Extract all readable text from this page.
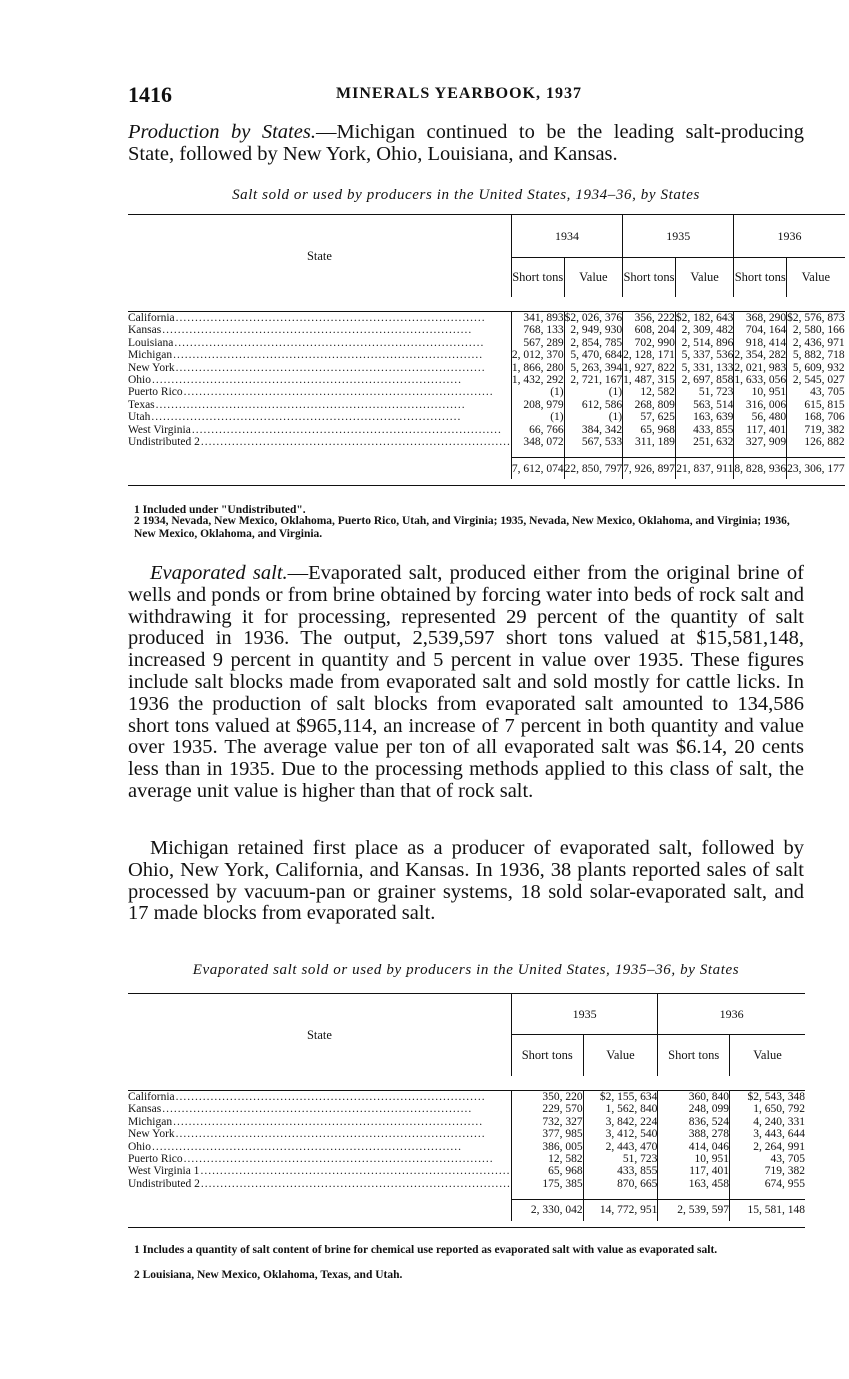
1416	MINERALS YEARBOOK, 1937
Production by States.—Michigan continued to be the leading salt-producing State, followed by New York, Ohio, Louisiana, and Kansas.
Salt sold or used by producers in the United States, 1934–36, by States

State	1934		1935		1936	
	Short tons	Value	Short tons	Value	Short tons	Value

California................................................................................	341, 893	$2, 026, 376	356, 222	$2, 182, 643	368, 290	$2, 576, 873
Kansas................................................................................	768, 133	2, 949, 930	608, 204	2, 309, 482	704, 164	2, 580, 166
Louisiana................................................................................	567, 289	2, 854, 785	702, 990	2, 514, 896	918, 414	2, 436, 971
Michigan................................................................................	2, 012, 370	5, 470, 684	2, 128, 171	5, 337, 536	2, 354, 282	5, 882, 718
New York................................................................................	1, 866, 280	5, 263, 394	1, 927, 822	5, 331, 133	2, 021, 983	5, 609, 932
Ohio................................................................................	1, 432, 292	2, 721, 167	1, 487, 315	2, 697, 858	1, 633, 056	2, 545, 027
Puerto Rico................................................................................	(1)	(1)	12, 582	51, 723	10, 951	43, 705
Texas................................................................................	208, 979	612, 586	268, 809	563, 514	316, 006	615, 815
Utah................................................................................	(1)	(1)	57, 625	163, 639	56, 480	168, 706
West Virginia................................................................................	66, 766	384, 342	65, 968	433, 855	117, 401	719, 382
Undistributed 2................................................................................	348, 072	567, 533	311, 189	251, 632	327, 909	126, 882

	7, 612, 074	22, 850, 797	7, 926, 897	21, 837, 911	8, 828, 936	23, 306, 177

1 Included under "Undistributed".
2 1934, Nevada, New Mexico, Oklahoma, Puerto Rico, Utah, and Virginia; 1935, Nevada, New Mexico, Oklahoma, and Virginia; 1936, New Mexico, Oklahoma, and Virginia.
Evaporated salt.—Evaporated salt, produced either from the original brine of wells and ponds or from brine obtained by forcing water into beds of rock salt and withdrawing it for processing, represented 29 percent of the quantity of salt produced in 1936. The output, 2,539,597 short tons valued at $15,581,148, increased 9 percent in quantity and 5 percent in value over 1935. These figures include salt blocks made from evaporated salt and sold mostly for cattle licks. In 1936 the production of salt blocks from evaporated salt amounted to 134,586 short tons valued at $965,114, an increase of 7 percent in both quantity and value over 1935. The average value per ton of all evaporated salt was $6.14, 20 cents less than in 1935. Due to the processing methods applied to this class of salt, the average unit value is higher than that of rock salt.
Michigan retained first place as a producer of evaporated salt, followed by Ohio, New York, California, and Kansas. In 1936, 38 plants reported sales of salt processed by vacuum-pan or grainer systems, 18 sold solar-evaporated salt, and 17 made blocks from evaporated salt.
Evaporated salt sold or used by producers in the United States, 1935–36, by States

State	1935		1936	
	Short tons	Value	Short tons	Value

California................................................................................	350, 220	$2, 155, 634	360, 840	$2, 543, 348
Kansas................................................................................	229, 570	1, 562, 840	248, 099	1, 650, 792
Michigan................................................................................	732, 327	3, 842, 224	836, 524	4, 240, 331
New York................................................................................	377, 985	3, 412, 540	388, 278	3, 443, 644
Ohio................................................................................	386, 005	2, 443, 470	414, 046	2, 264, 991
Puerto Rico................................................................................	12, 582	51, 723	10, 951	43, 705
West Virginia 1................................................................................	65, 968	433, 855	117, 401	719, 382
Undistributed 2................................................................................	175, 385	870, 665	163, 458	674, 955

	2, 330, 042	14, 772, 951	2, 539, 597	15, 581, 148

1 Includes a quantity of salt content of brine for chemical use reported as evaporated salt with value as evaporated salt.
2 Louisiana, New Mexico, Oklahoma, Texas, and Utah.
